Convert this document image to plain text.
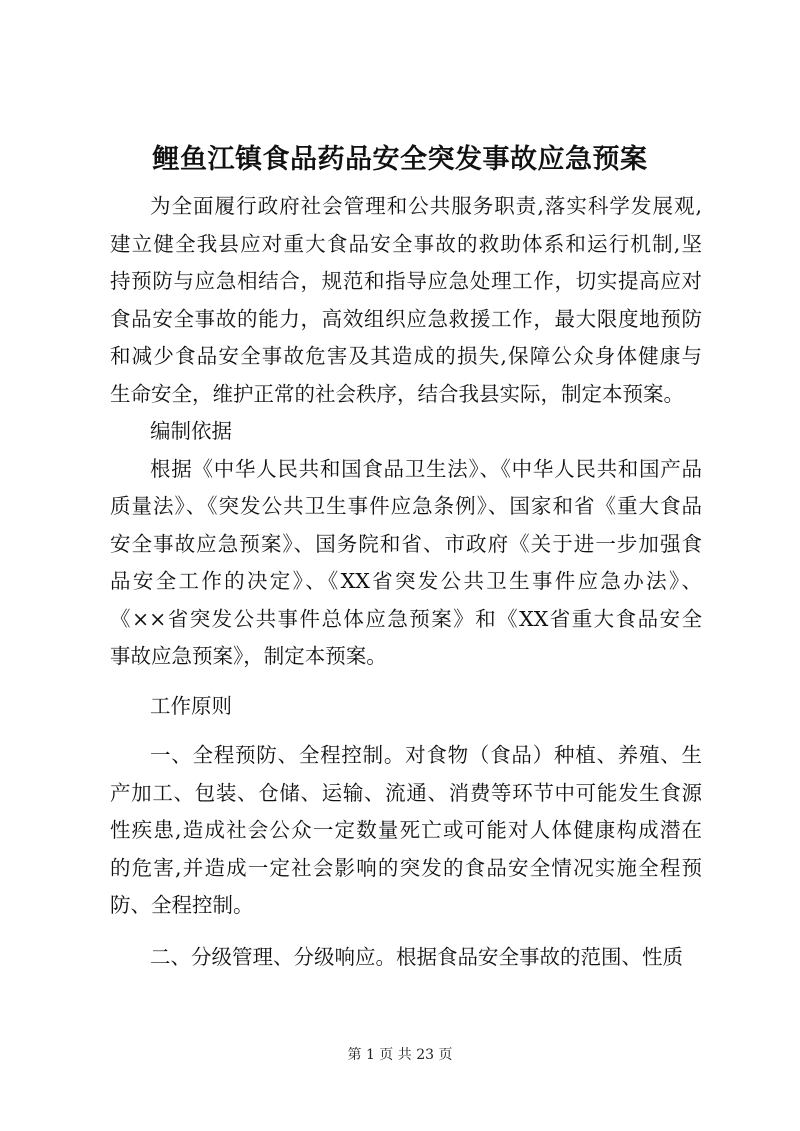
鲤鱼江镇食品药品安全突发事故应急预案
为全面履行政府社会管理和公共服务职责,落实科学发展观,
建立健全我县应对重大食品安全事故的救助体系和运行机制,坚
持预防与应急相结合，规范和指导应急处理工作，切实提高应对
食品安全事故的能力，高效组织应急救援工作，最大限度地预防
和减少食品安全事故危害及其造成的损失,保障公众身体健康与
生命安全，维护正常的社会秩序，结合我县实际，制定本预案。
编制依据
根据《中华人民共和国食品卫生法》、《中华人民共和国产品
质量法》、《突发公共卫生事件应急条例》、国家和省《重大食品
安全事故应急预案》、国务院和省、市政府《关于进一步加强食
品安全工作的决定》、《XX省突发公共卫生事件应急办法》、
《××省突发公共事件总体应急预案》和《XX省重大食品安全
事故应急预案》，制定本预案。
工作原则
一、全程预防、全程控制。对食物（食品）种植、养殖、生
产加工、包装、仓储、运输、流通、消费等环节中可能发生食源
性疾患,造成社会公众一定数量死亡或可能对人体健康构成潜在
的危害,并造成一定社会影响的突发的食品安全情况实施全程预
防、全程控制。
二、分级管理、分级响应。根据食品安全事故的范围、性质
第 1 页 共 23 页
